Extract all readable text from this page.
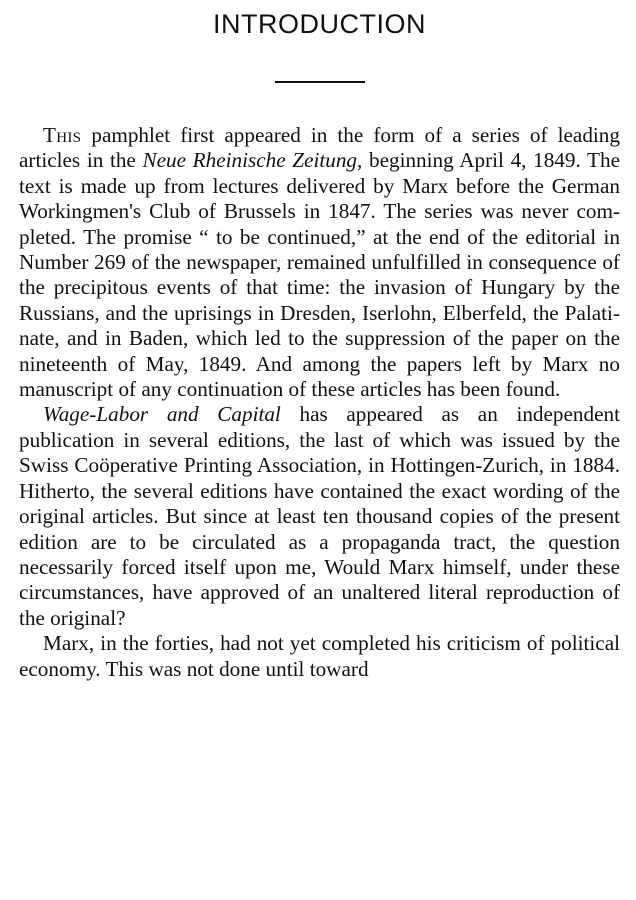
INTRODUCTION

This pamphlet first appeared in the form of a series of leading articles in the Neue Rheinische Zeitung, beginning April 4, 1849. The text is made up from lectures delivered by Marx before the German Workingmen's Club of Brussels in 1847. The series was never completed. The promise “ to be continued,” at the end of the editorial in Number 269 of the newspaper, remained unfulfilled in consequence of the precipitous events of that time: the invasion of Hungary by the Russians, and the uprisings in Dresden, Iserlohn, Elberfeld, the Palatinate, and in Baden, which led to the suppression of the paper on the nineteenth of May, 1849. And among the papers left by Marx no manuscript of any continuation of these articles has been found.

Wage-Labor and Capital has appeared as an independent publication in several editions, the last of which was issued by the Swiss Coöperative Printing Association, in Hottingen-Zurich, in 1884. Hitherto, the several editions have contained the exact wording of the original articles. But since at least ten thousand copies of the present edition are to be circulated as a propaganda tract, the question necessarily forced itself upon me, Would Marx himself, under these circumstances, have approved of an unaltered literal reproduction of the original?

Marx, in the forties, had not yet completed his criticism of political economy. This was not done until toward
